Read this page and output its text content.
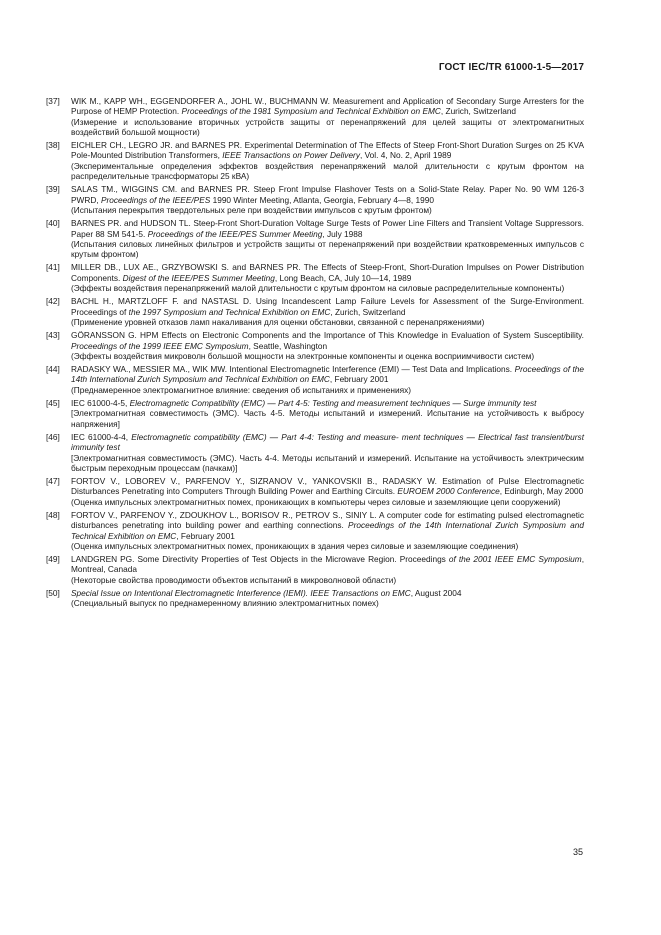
ГОСТ IEC/TR 61000-1-5—2017
[37]	WIK M., KAPP WH., EGGENDORFER A., JOHL W., BUCHMANN W. Measurement and Application of Secondary Surge Arresters for the Purpose of HEMP Protection. Proceedings of the 1981 Symposium and Technical Exhibition on EMC, Zurich, Switzerland

(Измерение и использование вторичных устройств защиты от перенапряжений для целей защиты от электромагнитных воздействий большой мощности)

[38]	EICHLER CH., LEGRO JR. and BARNES PR. Experimental Determination of The Effects of Steep Front-Short Duration Surges on 25 KVA Pole-Mounted Distribution Transformers, IEEE Transactions on Power Delivery, Vol. 4, No. 2, April 1989

(Экспериментальные определения эффектов воздействия перенапряжений малой длительности с крутым фронтом на распределительные трансформаторы 25 кВА)

[39]	SALAS TM., WIGGINS CM. and BARNES PR. Steep Front Impulse Flashover Tests on a Solid-State Relay. Paper No. 90 WM 126-3 PWRD, Proceedings of the IEEE/PES 1990 Winter Meeting, Atlanta, Georgia, February 4—8, 1990

(Испытания перекрытия твердотельных реле при воздействии импульсов с крутым фронтом)

[40]	BARNES PR. and HUDSON TL. Steep-Front Short-Duration Voltage Surge Tests of Power Line Filters and Transient Voltage Suppressors. Paper 88 SM 541-5. Proceedings of the IEEE/PES Summer Meeting, July 1988

(Испытания силовых линейных фильтров и устройств защиты от перенапряжений при воздействии кратковременных импульсов с крутым фронтом)

[41]	MILLER DB., LUX AE., GRZYBOWSKI S. and BARNES PR. The Effects of Steep-Front, Short-Duration Impulses on Power Distribution Components. Digest of the IEEE/PES Summer Meeting, Long Beach, CA, July 10—14, 1989

(Эффекты воздействия перенапряжений малой длительности с крутым фронтом на силовые распределительные компоненты)

[42]	BACHL H., MARTZLOFF F. and NASTASL D. Using Incandescent Lamp Failure Levels for Assessment of the Surge-Environment. Proceedings of the 1997 Symposium and Technical Exhibition on EMC, Zurich, Switzerland

(Применение уровней отказов ламп накаливания для оценки обстановки, связанной с перенапряжениями)

[43]	GÖRANSSON G. HPM Effects on Electronic Components and the Importance of This Knowledge in Evaluation of System Susceptibility. Proceedings of the 1999 IEEE EMC Symposium, Seattle, Washington

(Эффекты воздействия микроволн большой мощности на электронные компоненты и оценка восприимчивости систем)

[44]	RADASKY WA., MESSIER MA., WIK MW. Intentional Electromagnetic Interference (EMI) — Test Data and Implications. Proceedings of the 14th International Zurich Symposium and Technical Exhibition on EMC, February 2001

(Преднамеренное электромагнитное влияние: сведения об испытаниях и применениях)

[45]	IEC 61000-4-5, Electromagnetic Compatibility (EMC) — Part 4-5: Testing and measurement techniques — Surge immunity test

[Электромагнитная совместимость (ЭМС). Часть 4-5. Методы испытаний и измерений. Испытание на устойчивость к выбросу напряжения]

[46]	IEC 61000-4-4, Electromagnetic compatibility (EMC) — Part 4-4: Testing and measure- ment techniques — Electrical fast transient/burst immunity test

[Электромагнитная совместимость (ЭМС). Часть 4-4. Методы испытаний и измерений. Испытание на устойчивость электрическим быстрым переходным процессам (пачкам)]

[47]	FORTOV V., LOBOREV V., PARFENOV Y., SIZRANOV V., YANKOVSKII B., RADASKY W. Estimation of Pulse Electromagnetic Disturbances Penetrating into Computers Through Building Power and Earthing Circuits. EUROEM 2000 Conference, Edinburgh, May 2000

(Оценка импульсных электромагнитных помех, проникающих в компьютеры через силовые и заземляющие цепи сооружений)

[48]	FORTOV V., PARFENOV Y., ZDOUKHOV L., BORISOV R., PETROV S., SINIY L. A computer code for estimating pulsed electromagnetic disturbances penetrating into building power and earthing connections. Proceedings of the 14th International Zurich Symposium and Technical Exhibition on EMC, February 2001

(Оценка импульсных электромагнитных помех, проникающих в здания через силовые и заземляющие соединения)

[49]	LANDGREN PG. Some Directivity Properties of Test Objects in the Microwave Region. Proceedings of the 2001 IEEE EMC Symposium, Montreal, Canada

(Некоторые свойства проводимости объектов испытаний в микроволновой области)

[50]	Special Issue on Intentional Electromagnetic Interference (IEMI). IEEE Transactions on EMC, August 2004

(Специальный выпуск по преднамеренному влиянию электромагнитных помех)

35
